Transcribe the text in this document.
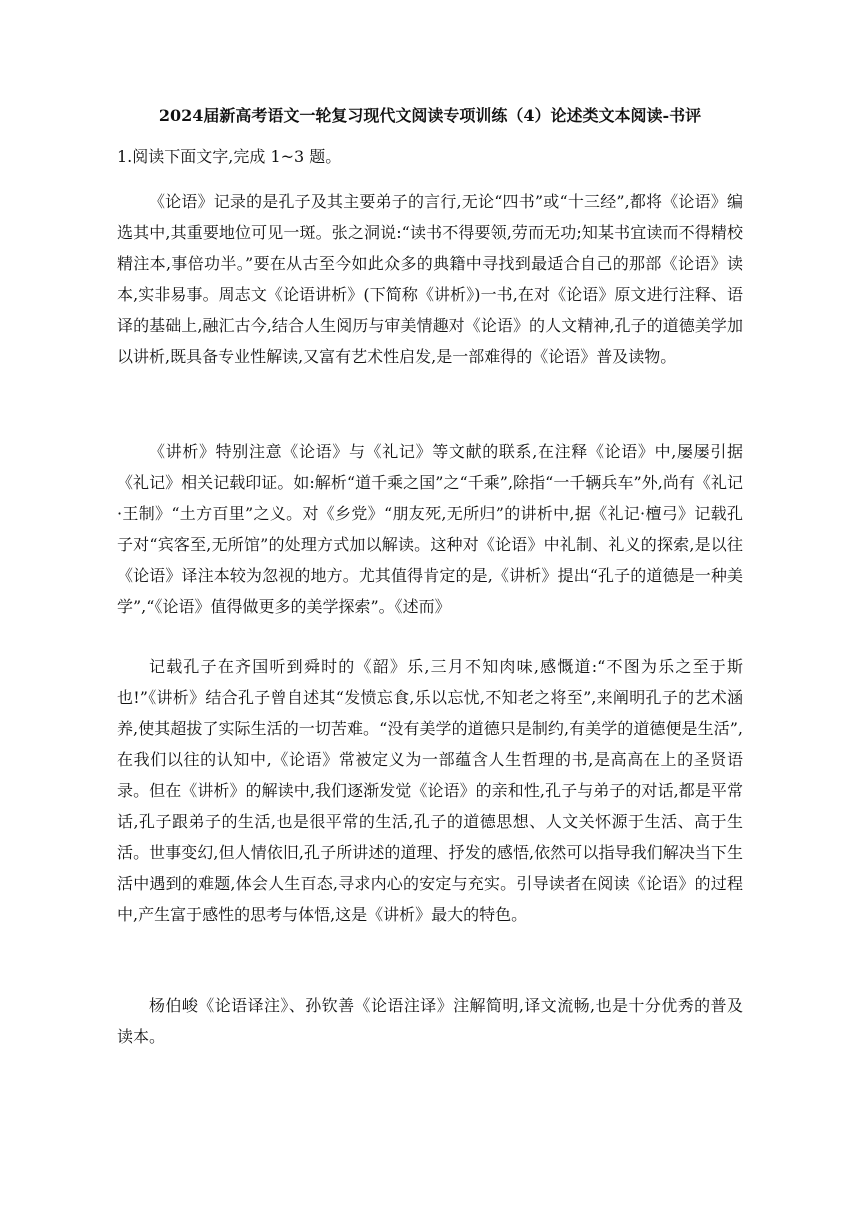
2024届新高考语文一轮复习现代文阅读专项训练（4）论述类文本阅读-书评
1.阅读下面文字,完成 1~3 题。

《论语》记录的是孔子及其主要弟子的言行,无论“四书”或“十三经”,都将《论语》编选其中,其重要地位可见一斑。张之洞说:“读书不得要领,劳而无功;知某书宜读而不得精校精注本,事倍功半。”要在从古至今如此众多的典籍中寻找到最适合自己的那部《论语》读本,实非易事。周志文《论语讲析》(下简称《讲析》)一书,在对《论语》原文进行注释、语译的基础上,融汇古今,结合人生阅历与审美情趣对《论语》的人文精神,孔子的道德美学加以讲析,既具备专业性解读,又富有艺术性启发,是一部难得的《论语》普及读物。

《讲析》特别注意《论语》与《礼记》等文献的联系,在注释《论语》中,屡屡引据《礼记》相关记载印证。如:解析“道千乘之国”之“千乘”,除指“一千辆兵车”外,尚有《礼记·王制》“土方百里”之义。对《乡党》“朋友死,无所归”的讲析中,据《礼记·檀弓》记载孔子对“宾客至,无所馆”的处理方式加以解读。这种对《论语》中礼制、礼义的探索,是以往《论语》译注本较为忽视的地方。尤其值得肯定的是,《讲析》提出“孔子的道德是一种美学”,“《论语》值得做更多的美学探索”。《述而》

记载孔子在齐国听到舜时的《韶》乐,三月不知肉味,感慨道:“不图为乐之至于斯也!”《讲析》结合孔子曾自述其“发愤忘食,乐以忘忧,不知老之将至”,来阐明孔子的艺术涵养,使其超拔了实际生活的一切苦难。“没有美学的道德只是制约,有美学的道德便是生活”,在我们以往的认知中,《论语》常被定义为一部蕴含人生哲理的书,是高高在上的圣贤语录。但在《讲析》的解读中,我们逐渐发觉《论语》的亲和性,孔子与弟子的对话,都是平常话,孔子跟弟子的生活,也是很平常的生活,孔子的道德思想、人文关怀源于生活、高于生活。世事变幻,但人情依旧,孔子所讲述的道理、抒发的感悟,依然可以指导我们解决当下生活中遇到的难题,体会人生百态,寻求内心的安定与充实。引导读者在阅读《论语》的过程中,产生富于感性的思考与体悟,这是《讲析》最大的特色。

杨伯峻《论语译注》、孙钦善《论语注译》注解简明,译文流畅,也是十分优秀的普及读本。
